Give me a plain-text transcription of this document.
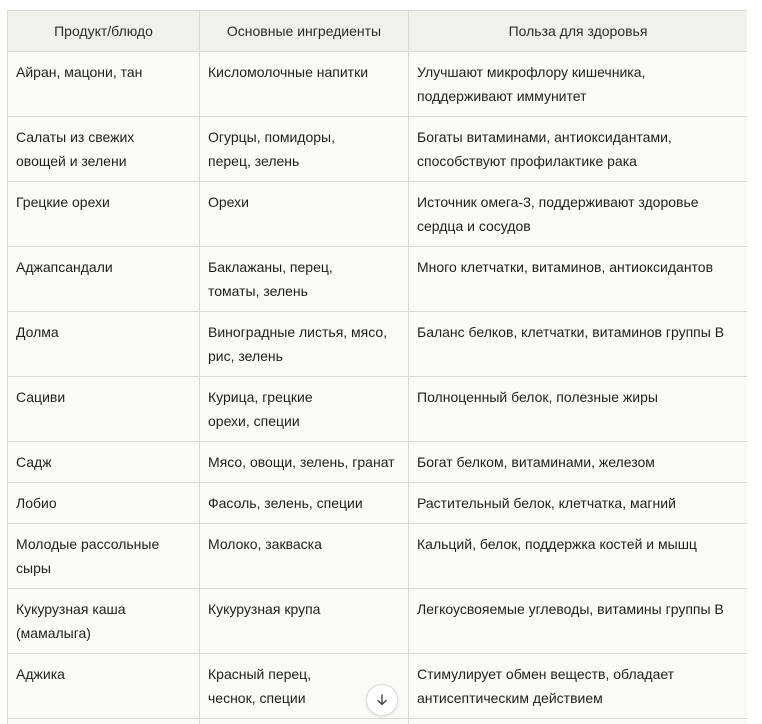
Продукт/блюдо	Основные ингредиенты	Польза для здоровья

Айран, мацони, тан	Кисломолочные напитки	Улучшают микрофлору кишечника,
поддерживают иммунитет

Салаты из свежих
овощей и зелени	Огурцы, помидоры,
перец, зелень	Богаты витаминами, антиоксидантами,
способствуют профилактике рака

Грецкие орехи	Орехи	Источник омега-3, поддерживают здоровье
сердца и сосудов

Аджапсандали	Баклажаны, перец,
томаты, зелень	Много клетчатки, витаминов, антиоксидантов

Долма	Виноградные листья, мясо,
рис, зелень	Баланс белков, клетчатки, витаминов группы В

Сациви	Курица, грецкие
орехи, специи	Полноценный белок, полезные жиры

Садж	Мясо, овощи, зелень, гранат	Богат белком, витаминами, железом

Лобио	Фасоль, зелень, специи	Растительный белок, клетчатка, магний

Молодые рассольные
сыры	Молоко, закваска	Кальций, белок, поддержка костей и мышц

Кукурузная каша
(мамалыга)	Кукурузная крупа	Легкоусвояемые углеводы, витамины группы В

Аджика	Красный перец,
чеснок, специи	Стимулирует обмен веществ, обладает
антисептическим действием
